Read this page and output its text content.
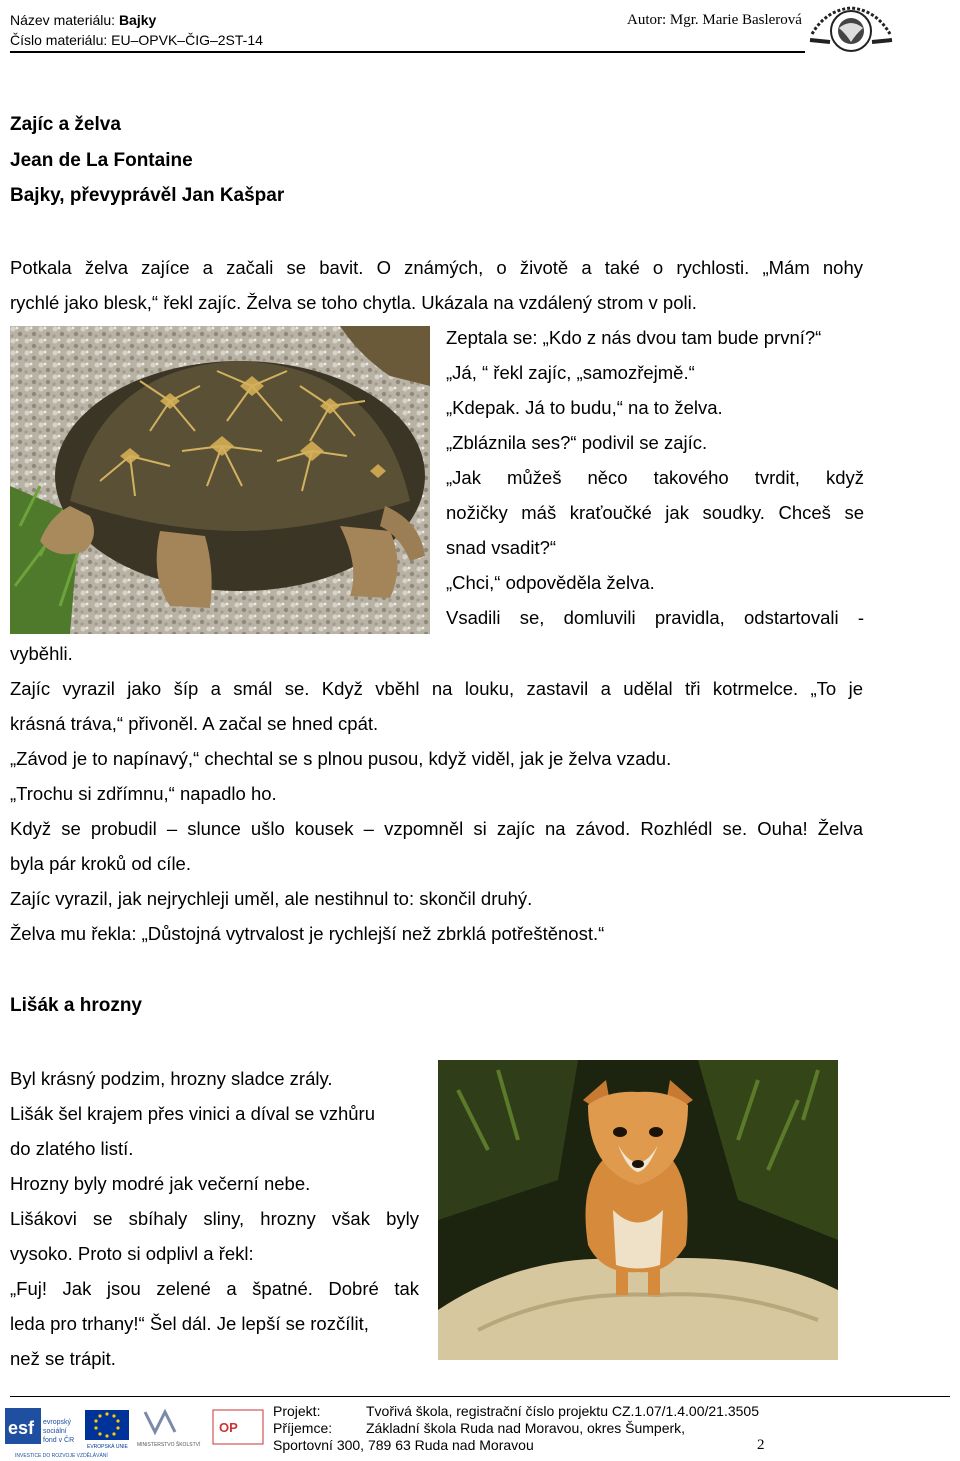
Název materiálu: Bajky
Číslo materiálu: EU–OPVK–ČIG–2ST-14
Autor: Mgr. Marie Baslerová
Zajíc a želva
Jean de La Fontaine
Bajky, převyprávěl Jan Kašpar
Potkala želva zajíce a začali se bavit. O známých, o životě a také o rychlosti. „Mám nohy
rychlé jako blesk,“ řekl zajíc. Želva se toho chytla. Ukázala na vzdálený strom v poli.
Zeptala se: „Kdo z nás dvou tam bude první?“
„Já, “ řekl zajíc, „samozřejmě.“
„Kdepak. Já to budu,“ na to želva.
„Zbláznila ses?“ podivil se zajíc.
„Jak můžeš něco takového tvrdit, když
nožičky máš kraťoučké jak soudky. Chceš se
snad vsadit?“
„Chci,“ odpověděla želva.
Vsadili se, domluvili pravidla, odstartovali -
vyběhli.
Zajíc vyrazil jako šíp a smál se. Když vběhl na louku, zastavil a udělal tři kotrmelce. „To je
krásná tráva,“ přivoněl. A začal se hned cpát.
„Závod je to napínavý,“ chechtal se s plnou pusou, když viděl, jak je želva vzadu.
„Trochu si zdřímnu,“ napadlo ho.
Když se probudil – slunce ušlo kousek – vzpomněl si zajíc na závod. Rozhlédl se. Ouha! Želva
byla pár kroků od cíle.
Zajíc vyrazil, jak nejrychleji uměl, ale nestihnul to: skončil druhý.
Želva mu řekla: „Důstojná vytrvalost je rychlejší než zbrklá potřeštěnost.“
Lišák a hrozny
Byl krásný podzim, hrozny sladce zrály.
Lišák šel krajem přes vinici a díval se vzhůru
do zlatého listí.
Hrozny byly modré jak večerní nebe.
Lišákovi se sbíhaly sliny, hrozny však byly
vysoko. Proto si odplivl a řekl:
„Fuj! Jak jsou zelené a špatné. Dobré tak
leda pro trhany!“ Šel dál. Je lepší se rozčílit,
než se trápit.
esf evropský
sociální
fond v ČR
EVROPSKÁ UNIE MINISTERSTVO ŠKOLSTVÍ
OP
INVESTICE DO ROZVOJE VZDĚLÁVÁNÍ
Projekt:	Tvořivá škola, registrační číslo projektu CZ.1.07/1.4.00/21.3505
Příjemce: Základní škola Ruda nad Moravou, okres Šumperk,
Sportovní 300, 789 63 Ruda nad Moravou	2
